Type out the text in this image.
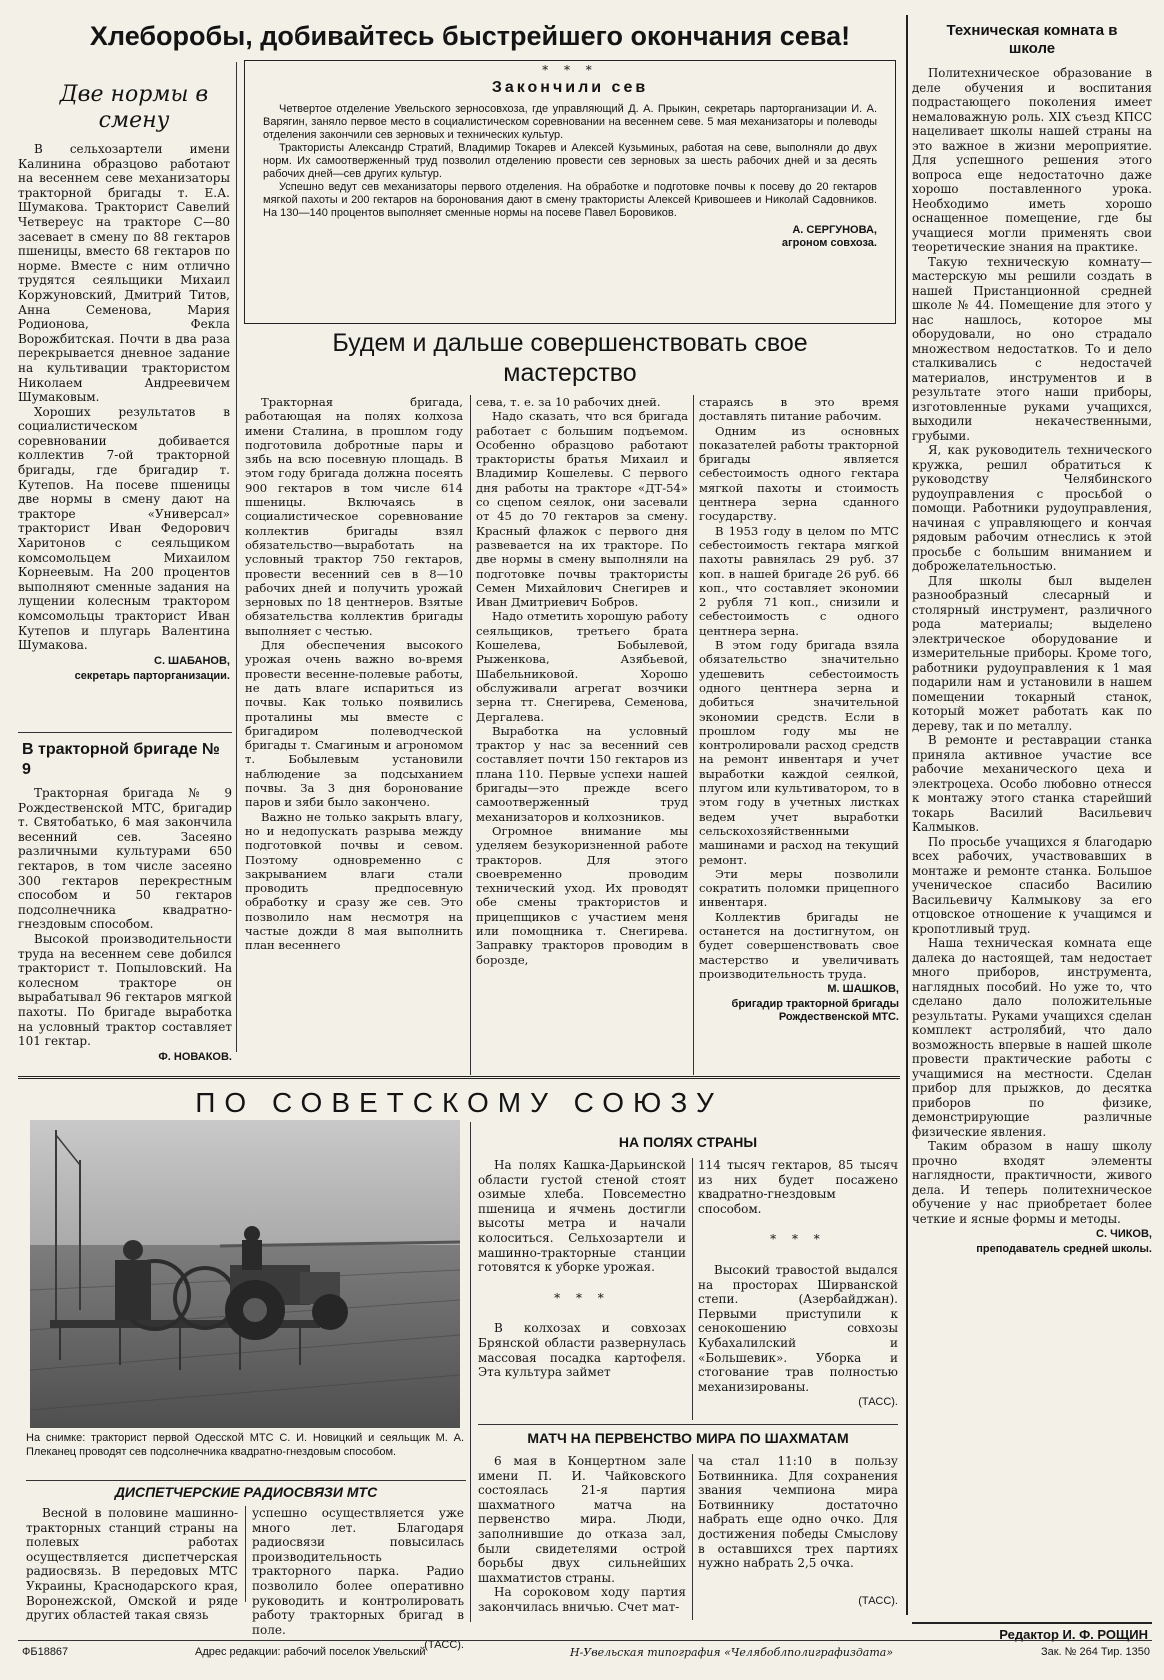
Хлеборобы, добивайтесь быстрейшего окончания сева!
Две нормы в смену

В сельхозартели имени Калинина образцово работают на весеннем севе механизаторы тракторной бригады т. Е.А. Шумакова. Тракторист Савелий Четвереус на тракторе С—80 засевает в смену по 88 гектаров пшеницы, вместо 68 гектаров по норме. Вместе с ним отлично трудятся сеяльщики Михаил Коржуновский, Дмитрий Титов, Анна Семенова, Мария Родионова, Фекла Ворожбитская. Почти в два раза перекрывается дневное задание на культивации трактористом Николаем Андреевичем Шумаковым.

Хороших результатов в социалистическом соревновании добивается коллектив 7-ой тракторной бригады, где бригадир т. Кутепов. На посеве пшеницы две нормы в смену дают на тракторе «Универсал» тракторист Иван Федорович Харитонов с сеяльщиком комсомольцем Михаилом Корнеевым. На 200 процентов выполняют сменные задания на лущении колесным трактором комсомольцы тракторист Иван Кутепов и плугарь Валентина Шумакова.

С. ШАБАНОВ,
секретарь парторганизации.
В тракторной бригаде № 9

Тракторная бригада № 9 Рождественской МТС, бригадир т. Святобатько, 6 мая закончила весенний сев. Засеяно различными культурами 650 гектаров, в том числе засеяно 300 гектаров перекрестным способом и 50 гектаров подсолнечника квадратно-гнездовым способом.

Высокой производительности труда на весеннем севе добился тракторист т. Попыловский. На колесном тракторе он вырабатывал 96 гектаров мягкой пахоты. По бригаде выработка на условный трактор составляет 101 гектар.

Ф. НОВАКОВ.
* * *
Закончили сев

Четвертое отделение Увельского зерносовхоза, где управляющий Д. А. Прыкин, секретарь парторганизации И. А. Варягин, заняло первое место в социалистическом соревновании на весеннем севе. 5 мая механизаторы и полеводы отделения закончили сев зерновых и технических культур.

Трактористы Александр Стратий, Владимир Токарев и Алексей Кузьминых, работая на севе, выполняли до двух норм. Их самоотверженный труд позволил отделению провести сев зерновых за шесть рабочих дней и за десять рабочих дней—сев других культур.

Успешно ведут сев механизаторы первого отделения. На обработке и подготовке почвы к посеву до 20 гектаров мягкой пахоты и 200 гектаров на боронования дают в смену трактористы Алексей Кривошеев и Николай Садовников. На 130—140 процентов выполняет сменные нормы на посеве Павел Боровиков.

А. СЕРГУНОВА,
агроном совхоза.
Будем и дальше совершенствовать свое мастерство

Тракторная бригада, работающая на полях колхоза имени Сталина, в прошлом году подготовила добротные пары и зябь на всю посевную площадь. В этом году бригада должна посеять 900 гектаров в том числе 614 пшеницы. Включаясь в социалистическое соревнование коллектив бригады взял обязательство—выработать на условный трактор 750 гектаров, провести весенний сев в 8—10 рабочих дней и получить урожай зерновых по 18 центнеров. Взятые обязательства коллектив бригады выполняет с честью.

Для обеспечения высокого урожая очень важно во-время провести весенне-полевые работы, не дать влаге испариться из почвы. Как только появились проталины мы вместе с бригадиром полеводческой бригады т. Смагиным и агрономом т. Бобылевым установили наблюдение за подсыханием почвы. За 3 дня боронование паров и зяби было закончено.

Важно не только закрыть влагу, но и недопускать разрыва между подготовкой почвы и севом. Поэтому одновременно с закрыванием влаги стали проводить предпосевную обработку и сразу же сев. Это позволило нам несмотря на частые дожди 8 мая выполнить план весеннего

сева, т. е. за 10 рабочих дней.

Надо сказать, что вся бригада работает с большим подъемом. Особенно образцово работают трактористы братья Михаил и Владимир Кошелевы. С первого дня работы на тракторе «ДТ-54» со сцепом сеялок, они засевали от 45 до 70 гектаров за смену. Красный флажок с первого дня развевается на их тракторе. По две нормы в смену выполняли на подготовке почвы трактористы Семен Михайлович Снегирев и Иван Дмитриевич Бобров.

Надо отметить хорошую работу сеяльщиков, третьего брата Кошелева, Бобылевой, Рыженкова, Азябьевой, Шабельниковой. Хорошо обслуживали агрегат возчики зерна тт. Снегирева, Семенова, Дергалева.

Выработка на условный трактор у нас за весенний сев составляет почти 150 гектаров из плана 110. Первые успехи нашей бригады—это прежде всего самоотверженный труд механизаторов и колхозников.

Огромное внимание мы уделяем безукоризненной работе тракторов. Для этого своевременно проводим технический уход. Их проводят обе смены трактористов и прицепщиков с участием меня или помощника т. Снегирева. Заправку тракторов проводим в борозде,

стараясь в это время доставлять питание рабочим.

Одним из основных показателей работы тракторной бригады является себестоимость одного гектара мягкой пахоты и стоимость центнера зерна сданного государству.

В 1953 году в целом по МТС себестоимость гектара мягкой пахоты равнялась 29 руб. 37 коп. в нашей бригаде 26 руб. 66 коп., что составляет экономии 2 рубля 71 коп., снизили и себестоимость с одного центнера зерна.

В этом году бригада взяла обязательство значительно удешевить себестоимость одного центнера зерна и добиться значительной экономии средств. Если в прошлом году мы не контролировали расход средств на ремонт инвентаря и учет выработки каждой сеялкой, плугом или культиватором, то в этом году в учетных листках ведем учет выработки сельскохозяйственными машинами и расход на текущий ремонт.

Эти меры позволили сократить поломки прицепного инвентаря.

Коллектив бригады не останется на достигнутом, он будет совершенствовать свое мастерство и увеличивать производительность труда.

М. ШАШКОВ,
бригадир тракторной бригады Рождественской МТС.
Техническая комната в школе

Политехническое образование в деле обучения и воспитания подрастающего поколения имеет немаловажную роль. XIX съезд КПСС нацеливает школы нашей страны на это важное в жизни мероприятие. Для успешного решения этого вопроса еще недостаточно даже хорошо поставленного урока. Необходимо иметь хорошо оснащенное помещение, где бы учащиеся могли применять свои теоретические знания на практике.

Такую техническую комнату—мастерскую мы решили создать в нашей Пристанционной средней школе № 44. Помещение для этого у нас нашлось, которое мы оборудовали, но оно страдало множеством недостатков. То и дело сталкивались с недостачей материалов, инструментов и в результате этого наши приборы, изготовленные руками учащихся, выходили некачественными, грубыми.

Я, как руководитель технического кружка, решил обратиться к руководству Челябинского рудоуправления с просьбой о помощи. Работники рудоуправления, начиная с управляющего и кончая рядовым рабочим отнеслись к этой просьбе с большим вниманием и доброжелательностью.

Для школы был выделен разнообразный слесарный и столярный инструмент, различного рода материалы; выделено электрическое оборудование и измерительные приборы. Кроме того, работники рудоуправления к 1 мая подарили нам и установили в нашем помещении токарный станок, который может работать как по дереву, так и по металлу.

В ремонте и реставрации станка приняла активное участие все рабочие механического цеха и электроцеха. Особо любовно отнесся к монтажу этого станка старейший токарь Василий Васильевич Калмыков.

По просьбе учащихся я благодарю всех рабочих, участвовавших в монтаже и ремонте станка. Большое ученическое спасибо Василию Васильевичу Калмыкову за его отцовское отношение к учащимся и кропотливый труд.

Наша техническая комната еще далека до настоящей, там недостает много приборов, инструмента, наглядных пособий. Но уже то, что сделано дало положительные результаты. Руками учащихся сделан комплект астролябий, что дало возможность впервые в нашей школе провести практические работы с учащимися на местности. Сделан прибор для прыжков, до десятка приборов по физике, демонстрирующие различные физические явления.

Таким образом в нашу школу прочно входят элементы наглядности, практичности, живого дела. И теперь политехническое обучение у нас приобретает более четкие и ясные формы и методы.

С. ЧИКОВ,
преподаватель средней школы.
Редактор И. Ф. РОЩИН
ПО СОВЕТСКОМУ СОЮЗУ
На снимке: тракторист первой Одесской МТС С. И. Новицкий и сеяльщик М. А. Плеканец проводят сев подсолнечника квадратно-гнездовым способом.
ДИСПЕТЧЕРСКИЕ РАДИОСВЯЗИ МТС
Весной в половине машинно-тракторных станций страны на полевых работах осуществляется диспетчерская радиосвязь. В передовых МТС Украины, Краснодарского края, Воронежской, Омской и ряде других областей такая связь
успешно осуществляется уже много лет. Благодаря радиосвязи повысилась производительность тракторного парка. Радио позволило более оперативно руководить и контролировать работу тракторных бригад в поле.
(ТАСС).
НА ПОЛЯХ СТРАНЫ

На полях Кашка-Дарьинской области густой стеной стоят озимые хлеба. Повсеместно пшеница и ячмень достигли высоты метра и начали колоситься. Сельхозартели и машинно-тракторные станции готовятся к уборке урожая.

* * *

В колхозах и совхозах Брянской области развернулась массовая посадка картофеля. Эта культура займет

114 тысяч гектаров, 85 тысяч из них будет посажено квадратно-гнездовым способом.

* * *

Высокий травостой выдался на просторах Ширванской степи. (Азербайджан). Первыми приступили к сенокошению совхозы Кубахалилский и «Большевик». Уборка и стогование трав полностью механизированы.

(ТАСС).
МАТЧ НА ПЕРВЕНСТВО МИРА ПО ШАХМАТАМ

6 мая в Концертном зале имени П. И. Чайковского состоялась 21-я партия шахматного матча на первенство мира. Люди, заполнившие до отказа зал, были свидетелями острой борьбы двух сильнейших шахматистов страны.

На сороковом ходу партия закончилась вничью. Счет мат-

ча стал 11:10 в пользу Ботвинника. Для сохранения звания чемпиона мира Ботвиннику достаточно набрать еще одно очко. Для достижения победы Смыслову в оставшихся трех партиях нужно набрать 2,5 очка.

(ТАСС).
ФБ18867	Адрес редакции: рабочий поселок Увельский	Н-Увельская типография «Челябоблполиграфиздата»	Зак. № 264 Тир. 1350
